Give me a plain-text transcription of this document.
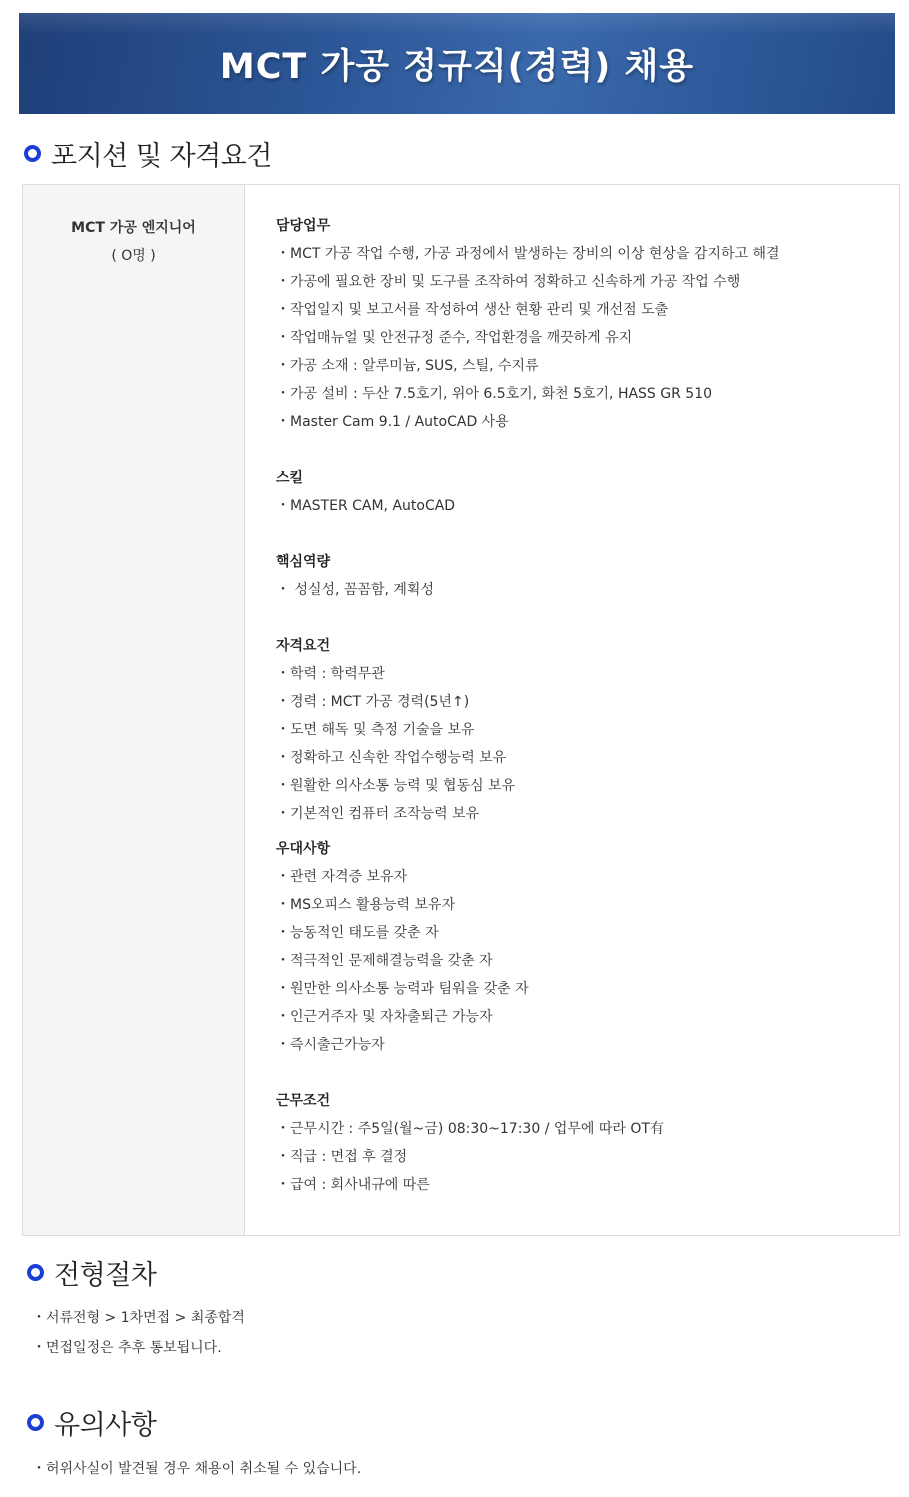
MCT 가공 정규직(경력) 채용
포지션 및 자격요건
MCT 가공 엔지니어
( O명 )
담당업무
・MCT 가공 작업 수행, 가공 과정에서 발생하는 장비의 이상 현상을 감지하고 해결
・가공에 필요한 장비 및 도구를 조작하여 정확하고 신속하게 가공 작업 수행
・작업일지 및 보고서를 작성하여 생산 현황 관리 및 개선점 도출
・작업매뉴얼 및 안전규정 준수, 작업환경을 깨끗하게 유지
・가공 소재 : 알루미늄, SUS, 스틸, 수지류
・가공 설비 : 두산 7.5호기, 위아 6.5호기, 화천 5호기, HASS GR 510
・Master Cam 9.1 / AutoCAD 사용
스킬
・MASTER CAM, AutoCAD
핵심역량
・ 성실성, 꼼꼼함, 계획성
자격요건
・학력 : 학력무관
・경력 : MCT 가공 경력(5년↑)
・도면 해독 및 측정 기술을 보유
・정확하고 신속한 작업수행능력 보유
・원활한 의사소통 능력 및 협동심 보유
・기본적인 컴퓨터 조작능력 보유
우대사항
・관련 자격증 보유자
・MS오피스 활용능력 보유자
・능동적인 태도를 갖춘 자
・적극적인 문제해결능력을 갖춘 자
・원만한 의사소통 능력과 팀워을 갖춘 자
・인근거주자 및 자차출퇴근 가능자
・즉시출근가능자
근무조건
・근무시간 : 주5일(월~금) 08:30~17:30 / 업무에 따라 OT有
・직급 : 면접 후 결정
・급여 : 회사내규에 따른
전형절차
・서류전형 > 1차면접 > 최종합격
・면접일정은 추후 통보됩니다.
유의사항
・허위사실이 발견될 경우 채용이 취소될 수 있습니다.
